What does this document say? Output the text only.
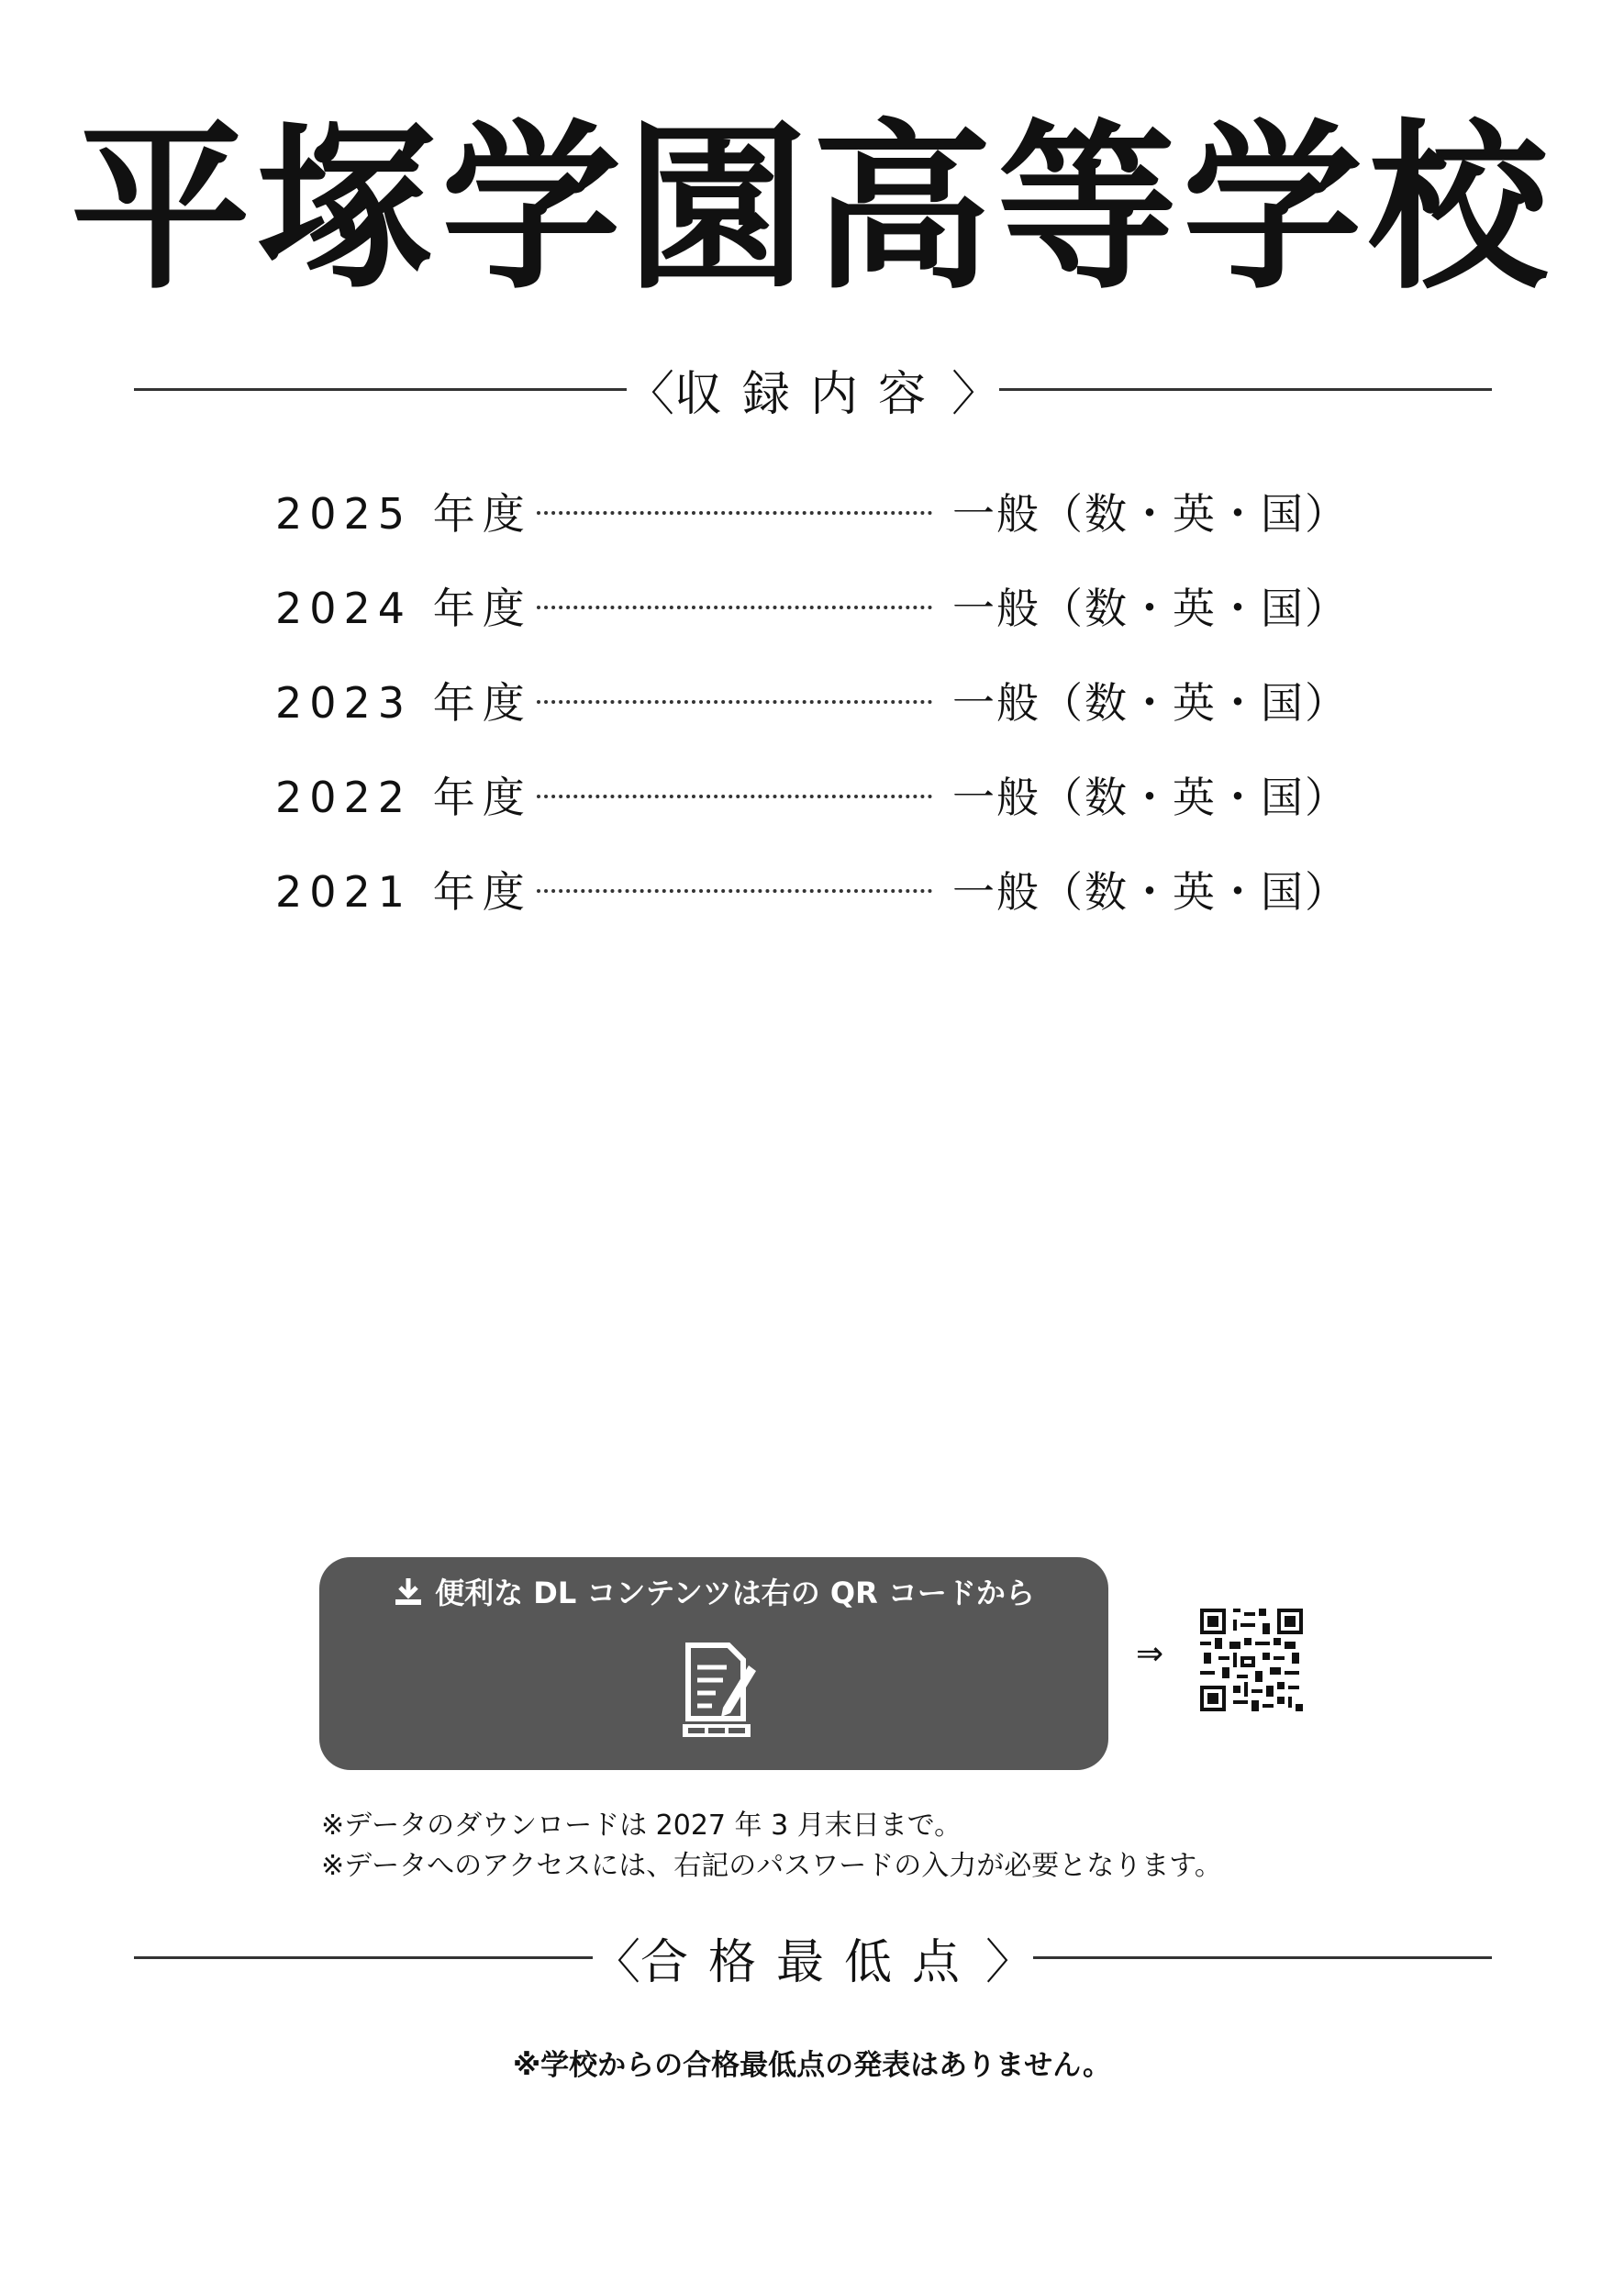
平塚学園高等学校
〈 収録内容 〉
2025 年度	一般（数・英・国）
2024 年度	一般（数・英・国）
2023 年度	一般（数・英・国）
2022 年度	一般（数・英・国）
2021 年度	一般（数・英・国）
便利な DL コンテンツは右の QR コードから
⇒
※データのダウンロードは 2027 年 3 月末日まで。
※データへのアクセスには、右記のパスワードの入力が必要となります。
〈 合格最低点 〉
※学校からの合格最低点の発表はありません。
